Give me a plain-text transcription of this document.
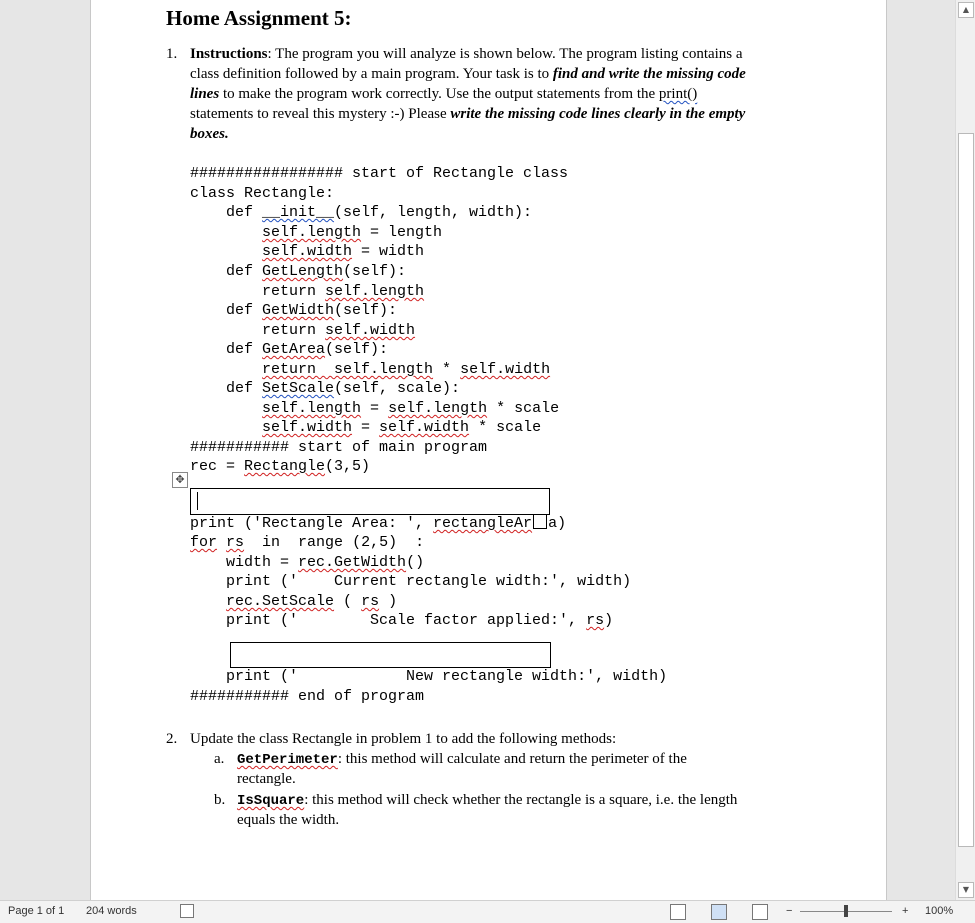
Home Assignment 5:
1. Instructions: The program you will analyze is shown below. The program listing contains a
class definition followed by a main program. Your task is to find and write the missing code
lines to make the program work correctly. Use the output statements from the print()
statements to reveal this mystery :-) Please write the missing code lines clearly in the empty
boxes.
################# start of Rectangle class
class Rectangle:
def __init__(self, length, width):
self.length = length
self.width = width
def GetLength(self):
return self.length
def GetWidth(self):
return self.width
def GetArea(self):
return  self.length * self.width
def SetScale(self, scale):
self.length = self.length * scale
self.width = self.width * scale
########### start of main program
rec = Rectangle(3,5)
✥
print ('Rectangle Area: ', rectangleAr a)
for rs  in  range (2,5)  :
width = rec.GetWidth()
print ('    Current rectangle width:', width)
rec.SetScale ( rs )
print ('        Scale factor applied:', rs)
print ('            New rectangle width:', width)
########### end of program
2. Update the class Rectangle in problem 1 to add the following methods:
a. GetPerimeter: this method will calculate and return the perimeter of the
rectangle.
b. IsSquare: this method will check whether the rectangle is a square, i.e. the length
equals the width.
▲
▼
Page 1 of 1 204 words	−	+ 100%
